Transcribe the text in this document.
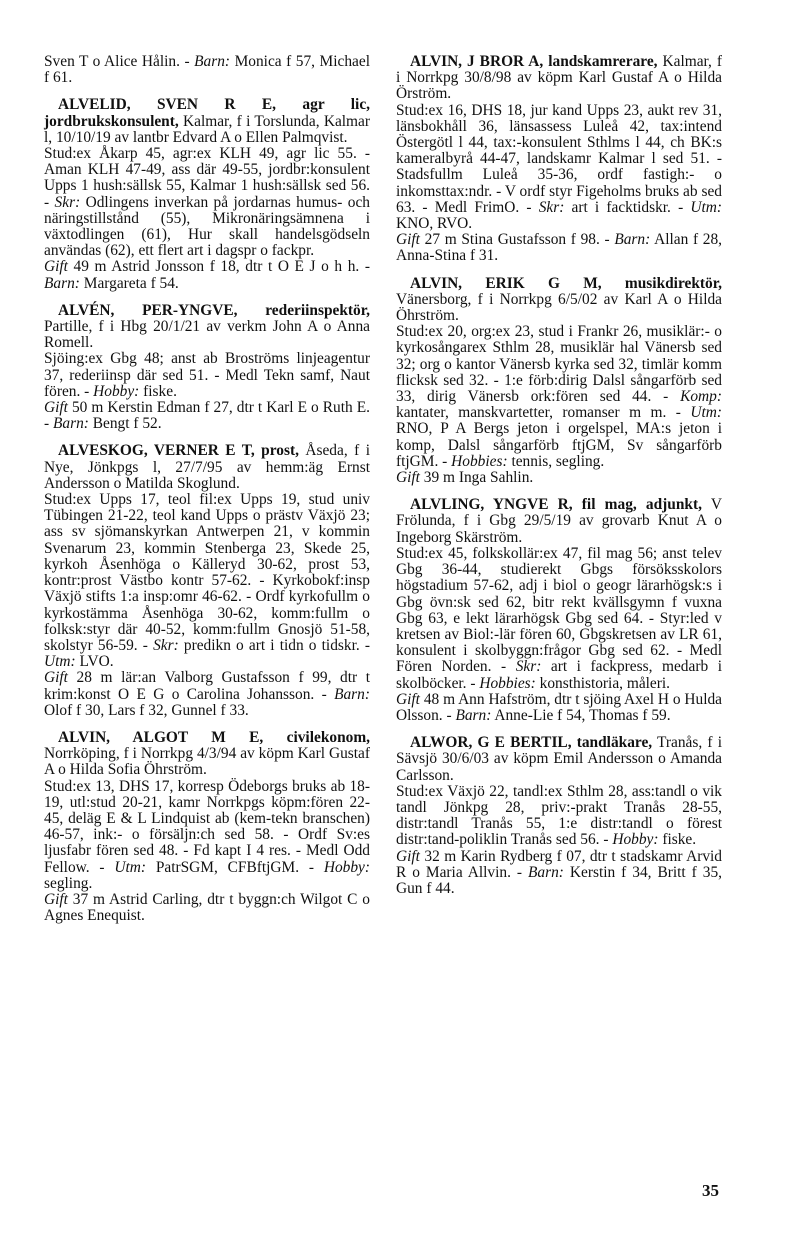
Sven T o Alice Hålin. - Barn: Monica f 57, Michael f 61.

ALVELID, SVEN R E, agr lic, jordbrukskonsulent, Kalmar, f i Torslunda, Kalmar l, 10/10/19 av lantbr Edvard A o Ellen Palmqvist.

Stud:ex Åkarp 45, agr:ex KLH 49, agr lic 55. - Aman KLH 47-49, ass där 49-55, jordbr:konsulent Upps 1 hush:sällsk 55, Kalmar 1 hush:sällsk sed 56. - Skr: Odlingens inverkan på jordarnas humus- och näringstillstånd (55), Mikronäringsämnena i växtodlingen (61), Hur skall handelsgödseln användas (62), ett flert art i dagspr o fackpr.

Gift 49 m Astrid Jonsson f 18, dtr t O E J o h h. - Barn: Margareta f 54.

ALVÉN, PER-YNGVE, rederiinspektör, Partille, f i Hbg 20/1/21 av verkm John A o Anna Romell.

Sjöing:ex Gbg 48; anst ab Broströms linjeagentur 37, rederiinsp där sed 51. - Medl Tekn samf, Naut fören. - Hobby: fiske.

Gift 50 m Kerstin Edman f 27, dtr t Karl E o Ruth E. - Barn: Bengt f 52.

ALVESKOG, VERNER E T, prost, Åseda, f i Nye, Jönkpgs l, 27/7/95 av hemm:äg Ernst Andersson o Matilda Skoglund.

Stud:ex Upps 17, teol fil:ex Upps 19, stud univ Tübingen 21-22, teol kand Upps o prästv Växjö 23; ass sv sjömanskyrkan Antwerpen 21, v kommin Svenarum 23, kommin Stenberga 23, Skede 25, kyrkoh Åsenhöga o Källeryd 30-62, prost 53, kontr:prost Västbo kontr 57-62. - Kyrkobokf:insp Växjö stifts 1:a insp:omr 46-62. - Ordf kyrkofullm o kyrkostämma Åsenhöga 30-62, komm:fullm o folksk:styr där 40-52, komm:fullm Gnosjö 51-58, skolstyr 56-59. - Skr: predikn o art i tidn o tidskr. - Utm: LVO.

Gift 28 m lär:an Valborg Gustafsson f 99, dtr t krim:konst O E G o Carolina Johansson. - Barn: Olof f 30, Lars f 32, Gunnel f 33.

ALVIN, ALGOT M E, civilekonom, Norrköping, f i Norrkpg 4/3/94 av köpm Karl Gustaf A o Hilda Sofia Öhrström.

Stud:ex 13, DHS 17, korresp Ödeborgs bruks ab 18-19, utl:stud 20-21, kamr Norrkpgs köpm:fören 22-45, deläg E & L Lindquist ab (kem-tekn branschen) 46-57, ink:- o försäljn:ch sed 58. - Ordf Sv:es ljusfabr fören sed 48. - Fd kapt I 4 res. - Medl Odd Fellow. - Utm: PatrSGM, CFBftjGM. - Hobby: segling.

Gift 37 m Astrid Carling, dtr t byggn:ch Wilgot C o Agnes Enequist.

ALVIN, J BROR A, landskamrerare, Kalmar, f i Norrkpg 30/8/98 av köpm Karl Gustaf A o Hilda Örström.

Stud:ex 16, DHS 18, jur kand Upps 23, aukt rev 31, länsbokhåll 36, länsassess Luleå 42, tax:intend Östergötl l 44, tax:-konsulent Sthlms l 44, ch BK:s kameralbyrå 44-47, landskamr Kalmar l sed 51. - Stadsfullm Luleå 35-36, ordf fastigh:- o inkomsttax:ndr. - V ordf styr Figeholms bruks ab sed 63. - Medl FrimO. - Skr: art i facktidskr. - Utm: KNO, RVO.

Gift 27 m Stina Gustafsson f 98. - Barn: Allan f 28, Anna-Stina f 31.

ALVIN, ERIK G M, musikdirektör, Vänersborg, f i Norrkpg 6/5/02 av Karl A o Hilda Öhrström.

Stud:ex 20, org:ex 23, stud i Frankr 26, musiklär:- o kyrkosångarex Sthlm 28, musiklär hal Vänersb sed 32; org o kantor Vänersb kyrka sed 32, timlär komm flicksk sed 32. - 1:e förb:dirig Dalsl sångarförb sed 33, dirig Vänersb ork:fören sed 44. - Komp: kantater, manskvartetter, romanser m m. - Utm: RNO, P A Bergs jeton i orgelspel, MA:s jeton i komp, Dalsl sångarförb ftjGM, Sv sångarförb ftjGM. - Hobbies: tennis, segling.

Gift 39 m Inga Sahlin.

ALVLING, YNGVE R, fil mag, adjunkt, V Frölunda, f i Gbg 29/5/19 av grovarb Knut A o Ingeborg Skärström.

Stud:ex 45, folkskollär:ex 47, fil mag 56; anst telev Gbg 36-44, studierekt Gbgs försöksskolors högstadium 57-62, adj i biol o geogr lärarhögsk:s i Gbg övn:sk sed 62, bitr rekt kvällsgymn f vuxna Gbg 63, e lekt lärarhögsk Gbg sed 64. - Styr:led v kretsen av Biol:-lär fören 60, Gbgskretsen av LR 61, konsulent i skolbyggn:frågor Gbg sed 62. - Medl Fören Norden. - Skr: art i fackpress, medarb i skolböcker. - Hobbies: konsthistoria, måleri.

Gift 48 m Ann Hafström, dtr t sjöing Axel H o Hulda Olsson. - Barn: Anne-Lie f 54, Thomas f 59.

ALWOR, G E BERTIL, tandläkare, Tranås, f i Sävsjö 30/6/03 av köpm Emil Andersson o Amanda Carlsson.

Stud:ex Växjö 22, tandl:ex Sthlm 28, ass:tandl o vik tandl Jönkpg 28, priv:-prakt Tranås 28-55, distr:tandl Tranås 55, 1:e distr:tandl o förest distr:tand-poliklin Tranås sed 56. - Hobby: fiske.

Gift 32 m Karin Rydberg f 07, dtr t stadskamr Arvid R o Maria Allvin. - Barn: Kerstin f 34, Britt f 35, Gun f 44.

35
